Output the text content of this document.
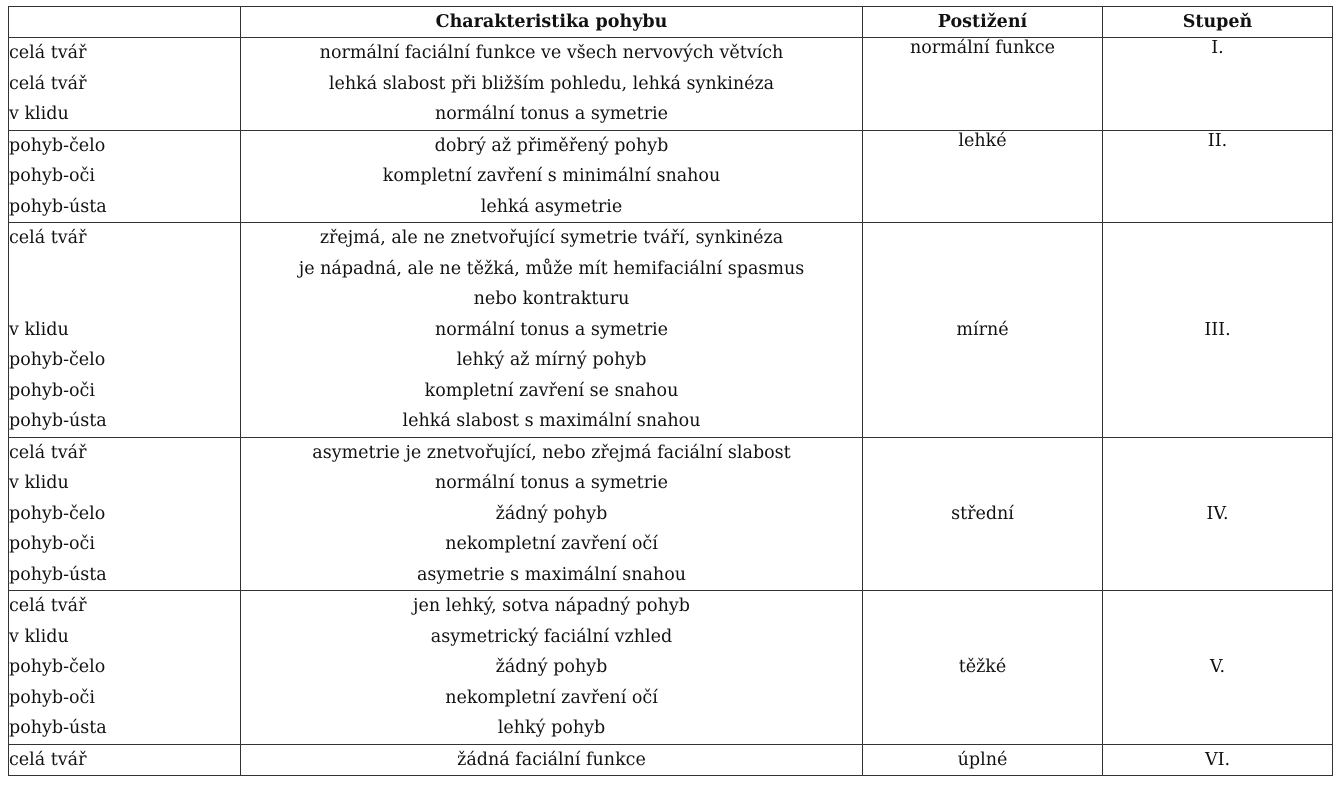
	Charakteristika pohybu	Postižení	Stupeň
celá tvář	normální faciální funkce ve všech nervových větvích	normální funkce	I.
celá tvář	lehká slabost při bližším pohledu, lehká synkinéza		
v klidu	normální tonus a symetrie		
pohyb-čelo	dobrý až přiměřený pohyb	lehké	II.
pohyb-oči	kompletní zavření s minimální snahou		
pohyb-ústa	lehká asymetrie		
celá tvář	zřejmá, ale ne znetvořující symetrie tváří, synkinéza	mírné	III.
	je nápadná, ale ne těžká, může mít hemifaciální spasmus		
	nebo kontrakturu		
v klidu	normální tonus a symetrie		
pohyb-čelo	lehký až mírný pohyb		
pohyb-oči	kompletní zavření se snahou		
pohyb-ústa	lehká slabost s maximální snahou		
celá tvář	asymetrie je znetvořující, nebo zřejmá faciální slabost	střední	IV.
v klidu	normální tonus a symetrie		
pohyb-čelo	žádný pohyb		
pohyb-oči	nekompletní zavření očí		
pohyb-ústa	asymetrie s maximální snahou		
celá tvář	jen lehký, sotva nápadný pohyb	těžké	V.
v klidu	asymetrický faciální vzhled		
pohyb-čelo	žádný pohyb		
pohyb-oči	nekompletní zavření očí		
pohyb-ústa	lehký pohyb		
celá tvář	žádná faciální funkce	úplné	VI.
